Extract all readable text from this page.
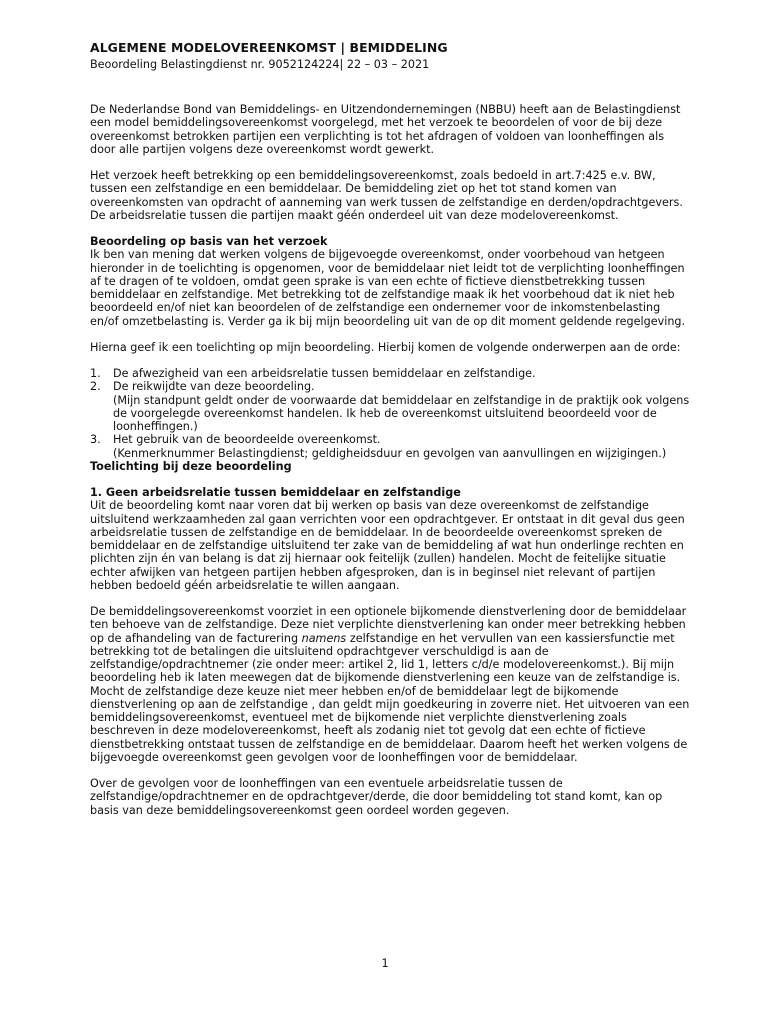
ALGEMENE MODELOVEREENKOMST | BEMIDDELING

Beoordeling Belastingdienst nr. 9052124224| 22 – 03 – 2021

De Nederlandse Bond van Bemiddelings- en Uitzendondernemingen (NBBU) heeft aan de Belastingdienst een model bemiddelingsovereenkomst voorgelegd, met het verzoek te beoordelen of voor de bij deze overeenkomst betrokken partijen een verplichting is tot het afdragen of voldoen van loonheffingen als door alle partijen volgens deze overeenkomst wordt gewerkt.

Het verzoek heeft betrekking op een bemiddelingsovereenkomst, zoals bedoeld in art.7:425 e.v. BW, tussen een zelfstandige en een bemiddelaar. De bemiddeling ziet op het tot stand komen van overeenkomsten van opdracht of aanneming van werk tussen de zelfstandige en derden/opdrachtgevers. De arbeidsrelatie tussen die partijen maakt géén onderdeel uit van deze modelovereenkomst.

Beoordeling op basis van het verzoek

Ik ben van mening dat werken volgens de bijgevoegde overeenkomst, onder voorbehoud van hetgeen hieronder in de toelichting is opgenomen, voor de bemiddelaar niet leidt tot de verplichting loonheffingen af te dragen of te voldoen, omdat geen sprake is van een echte of fictieve dienstbetrekking tussen bemiddelaar en zelfstandige. Met betrekking tot de zelfstandige maak ik het voorbehoud dat ik niet heb beoordeeld en/of niet kan beoordelen of de zelfstandige een ondernemer voor de inkomstenbelasting en/of omzetbelasting is. Verder ga ik bij mijn beoordeling uit van de op dit moment geldende regelgeving.

Hierna geef ik een toelichting op mijn beoordeling. Hierbij komen de volgende onderwerpen aan de orde:

1.	De afwezigheid van een arbeidsrelatie tussen bemiddelaar en zelfstandige.
2.	De reikwijdte van deze beoordeling.
(Mijn standpunt geldt onder de voorwaarde dat bemiddelaar en zelfstandige in de praktijk ook volgens de voorgelegde overeenkomst handelen. Ik heb de overeenkomst uitsluitend beoordeeld voor de loonheffingen.)
3.	Het gebruik van de beoordeelde overeenkomst.
(Kenmerknummer Belastingdienst; geldigheidsduur en gevolgen van aanvullingen en wijzigingen.)

Toelichting bij deze beoordeling

1. Geen arbeidsrelatie tussen bemiddelaar en zelfstandige

Uit de beoordeling komt naar voren dat bij werken op basis van deze overeenkomst de zelfstandige uitsluitend werkzaamheden zal gaan verrichten voor een opdrachtgever. Er ontstaat in dit geval dus geen arbeidsrelatie tussen de zelfstandige en de bemiddelaar. In de beoordeelde overeenkomst spreken de bemiddelaar en de zelfstandige uitsluitend ter zake van de bemiddeling af wat hun onderlinge rechten en plichten zijn én van belang is dat zij hiernaar ook feitelijk (zullen) handelen. Mocht de feitelijke situatie echter afwijken van hetgeen partijen hebben afgesproken, dan is in beginsel niet relevant of partijen hebben bedoeld géén arbeidsrelatie te willen aangaan.

De bemiddelingsovereenkomst voorziet in een optionele bijkomende dienstverlening door de bemiddelaar ten behoeve van de zelfstandige. Deze niet verplichte dienstverlening kan onder meer betrekking hebben op de afhandeling van de facturering namens zelfstandige en het vervullen van een kassiersfunctie met betrekking tot de betalingen die uitsluitend opdrachtgever verschuldigd is aan de zelfstandige/opdrachtnemer (zie onder meer: artikel 2, lid 1, letters c/d/e modelovereenkomst.). Bij mijn beoordeling heb ik laten meewegen dat de bijkomende dienstverlening een keuze van de zelfstandige is. Mocht de zelfstandige deze keuze niet meer hebben en/of de bemiddelaar legt de bijkomende dienstverlening op aan de zelfstandige , dan geldt mijn goedkeuring in zoverre niet. Het uitvoeren van een bemiddelingsovereenkomst, eventueel met de bijkomende niet verplichte dienstverlening zoals beschreven in deze modelovereenkomst, heeft als zodanig niet tot gevolg dat een echte of fictieve dienstbetrekking ontstaat tussen de zelfstandige en de bemiddelaar. Daarom heeft het werken volgens de bijgevoegde overeenkomst geen gevolgen voor de loonheffingen voor de bemiddelaar.

Over de gevolgen voor de loonheffingen van een eventuele arbeidsrelatie tussen de zelfstandige/opdrachtnemer en de opdrachtgever/derde, die door bemiddeling tot stand komt, kan op basis van deze bemiddelingsovereenkomst geen oordeel worden gegeven.

1
